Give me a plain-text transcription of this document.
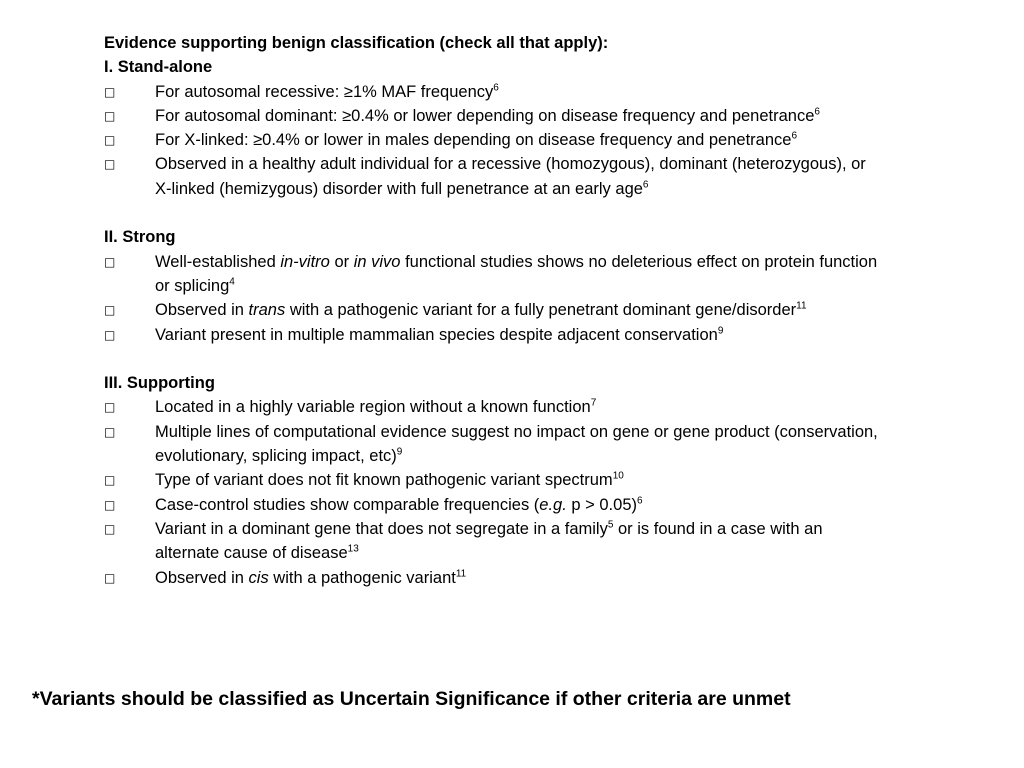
Evidence supporting benign classification (check all that apply):

I. Stand-alone

□	For autosomal recessive: ≥1% MAF frequency$^6$
□	For autosomal dominant: ≥0.4% or lower depending on disease frequency and penetrance$^6$
□	For X-linked: ≥0.4% or lower in males depending on disease frequency and penetrance$^6$
□	Observed in a healthy adult individual for a recessive (homozygous), dominant (heterozygous), or X-linked (hemizygous) disorder with full penetrance at an early age$^6$

II. Strong

□	Well-established in-vitro or in vivo functional studies shows no deleterious effect on protein function or splicing$^4$
□	Observed in trans with a pathogenic variant for a fully penetrant dominant gene/disorder$^{11}$
□	Variant present in multiple mammalian species despite adjacent conservation$^9$

III. Supporting

□	Located in a highly variable region without a known function$^7$
□	Multiple lines of computational evidence suggest no impact on gene or gene product (conservation, evolutionary, splicing impact, etc)$^9$
□	Type of variant does not fit known pathogenic variant spectrum$^{10}$
□	Case-control studies show comparable frequencies (e.g. p > 0.05)$^6$
□	Variant in a dominant gene that does not segregate in a family$^5$ or is found in a case with an alternate cause of disease$^{13}$
□	Observed in cis with a pathogenic variant$^{11}$
*Variants should be classified as Uncertain Significance if other criteria are unmet
